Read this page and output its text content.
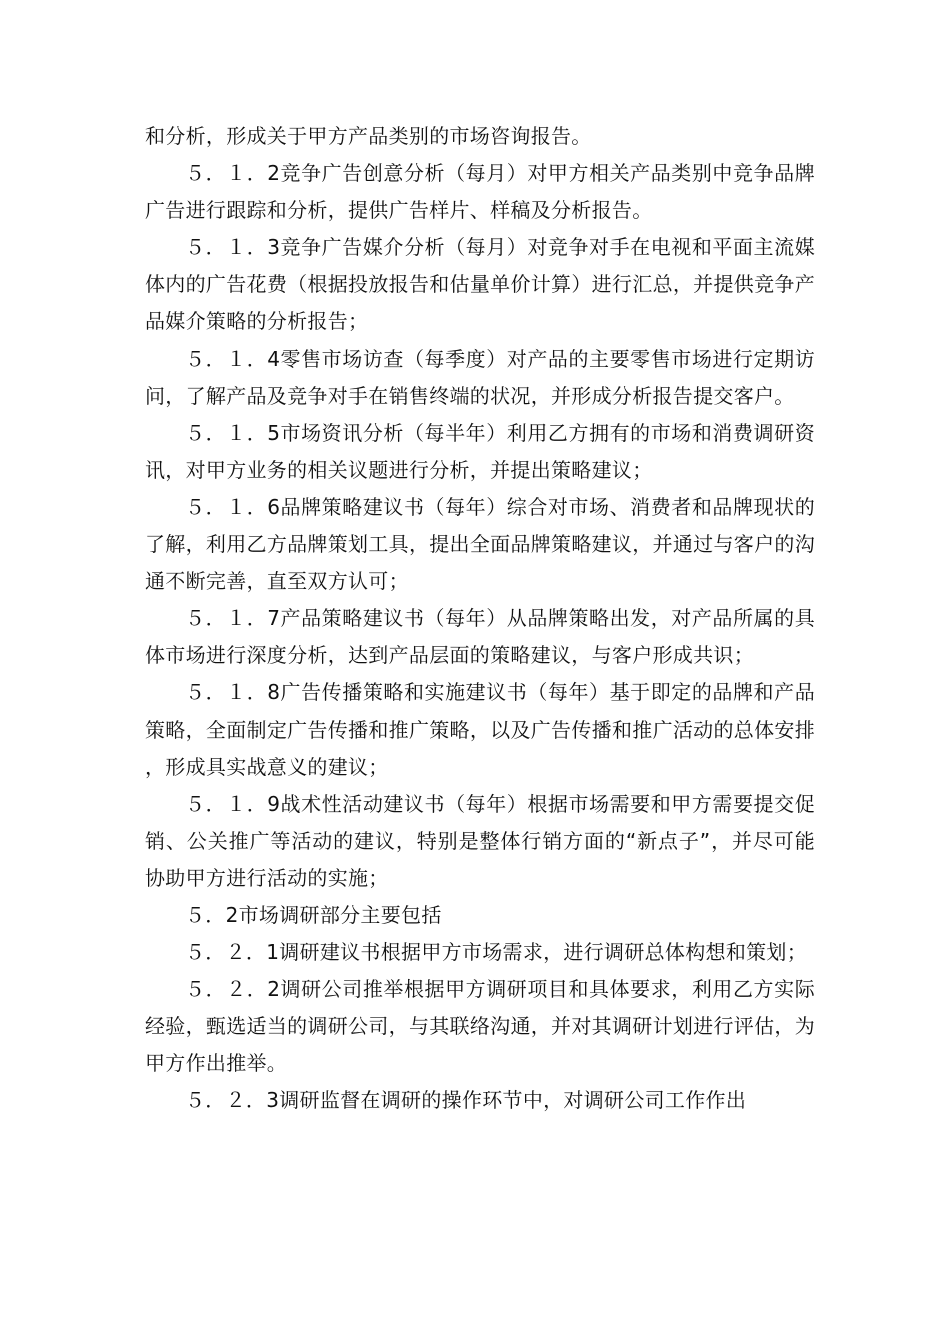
和分析，形成关于甲方产品类别的市场咨询报告。

５．１．2竞争广告创意分析（每月）对甲方相关产品类别中竞争品牌广告进行跟踪和分析，提供广告样片、样稿及分析报告。

５．１．3竞争广告媒介分析（每月）对竞争对手在电视和平面主流媒体内的广告花费（根据投放报告和估量单价计算）进行汇总，并提供竞争产品媒介策略的分析报告；

５．１．4零售市场访查（每季度）对产品的主要零售市场进行定期访问，了解产品及竞争对手在销售终端的状况，并形成分析报告提交客户。

５．１．5市场资讯分析（每半年）利用乙方拥有的市场和消费调研资讯，对甲方业务的相关议题进行分析，并提出策略建议；

５．１．6品牌策略建议书（每年）综合对市场、消费者和品牌现状的了解，利用乙方品牌策划工具，提出全面品牌策略建议，并通过与客户的沟通不断完善，直至双方认可；

５．１．7产品策略建议书（每年）从品牌策略出发，对产品所属的具体市场进行深度分析，达到产品层面的策略建议，与客户形成共识；

５．１．8广告传播策略和实施建议书（每年）基于即定的品牌和产品策略，全面制定广告传播和推广策略，以及广告传播和推广活动的总体安排，形成具实战意义的建议；

５．１．9战术性活动建议书（每年）根据市场需要和甲方需要提交促销、公关推广等活动的建议，特别是整体行销方面的“新点子”，并尽可能协助甲方进行活动的实施；

５．2市场调研部分主要包括

５．２．1调研建议书根据甲方市场需求，进行调研总体构想和策划；

５．２．2调研公司推举根据甲方调研项目和具体要求，利用乙方实际经验，甄选适当的调研公司，与其联络沟通，并对其调研计划进行评估，为甲方作出推举。

５．２．3调研监督在调研的操作环节中，对调研公司工作作出
